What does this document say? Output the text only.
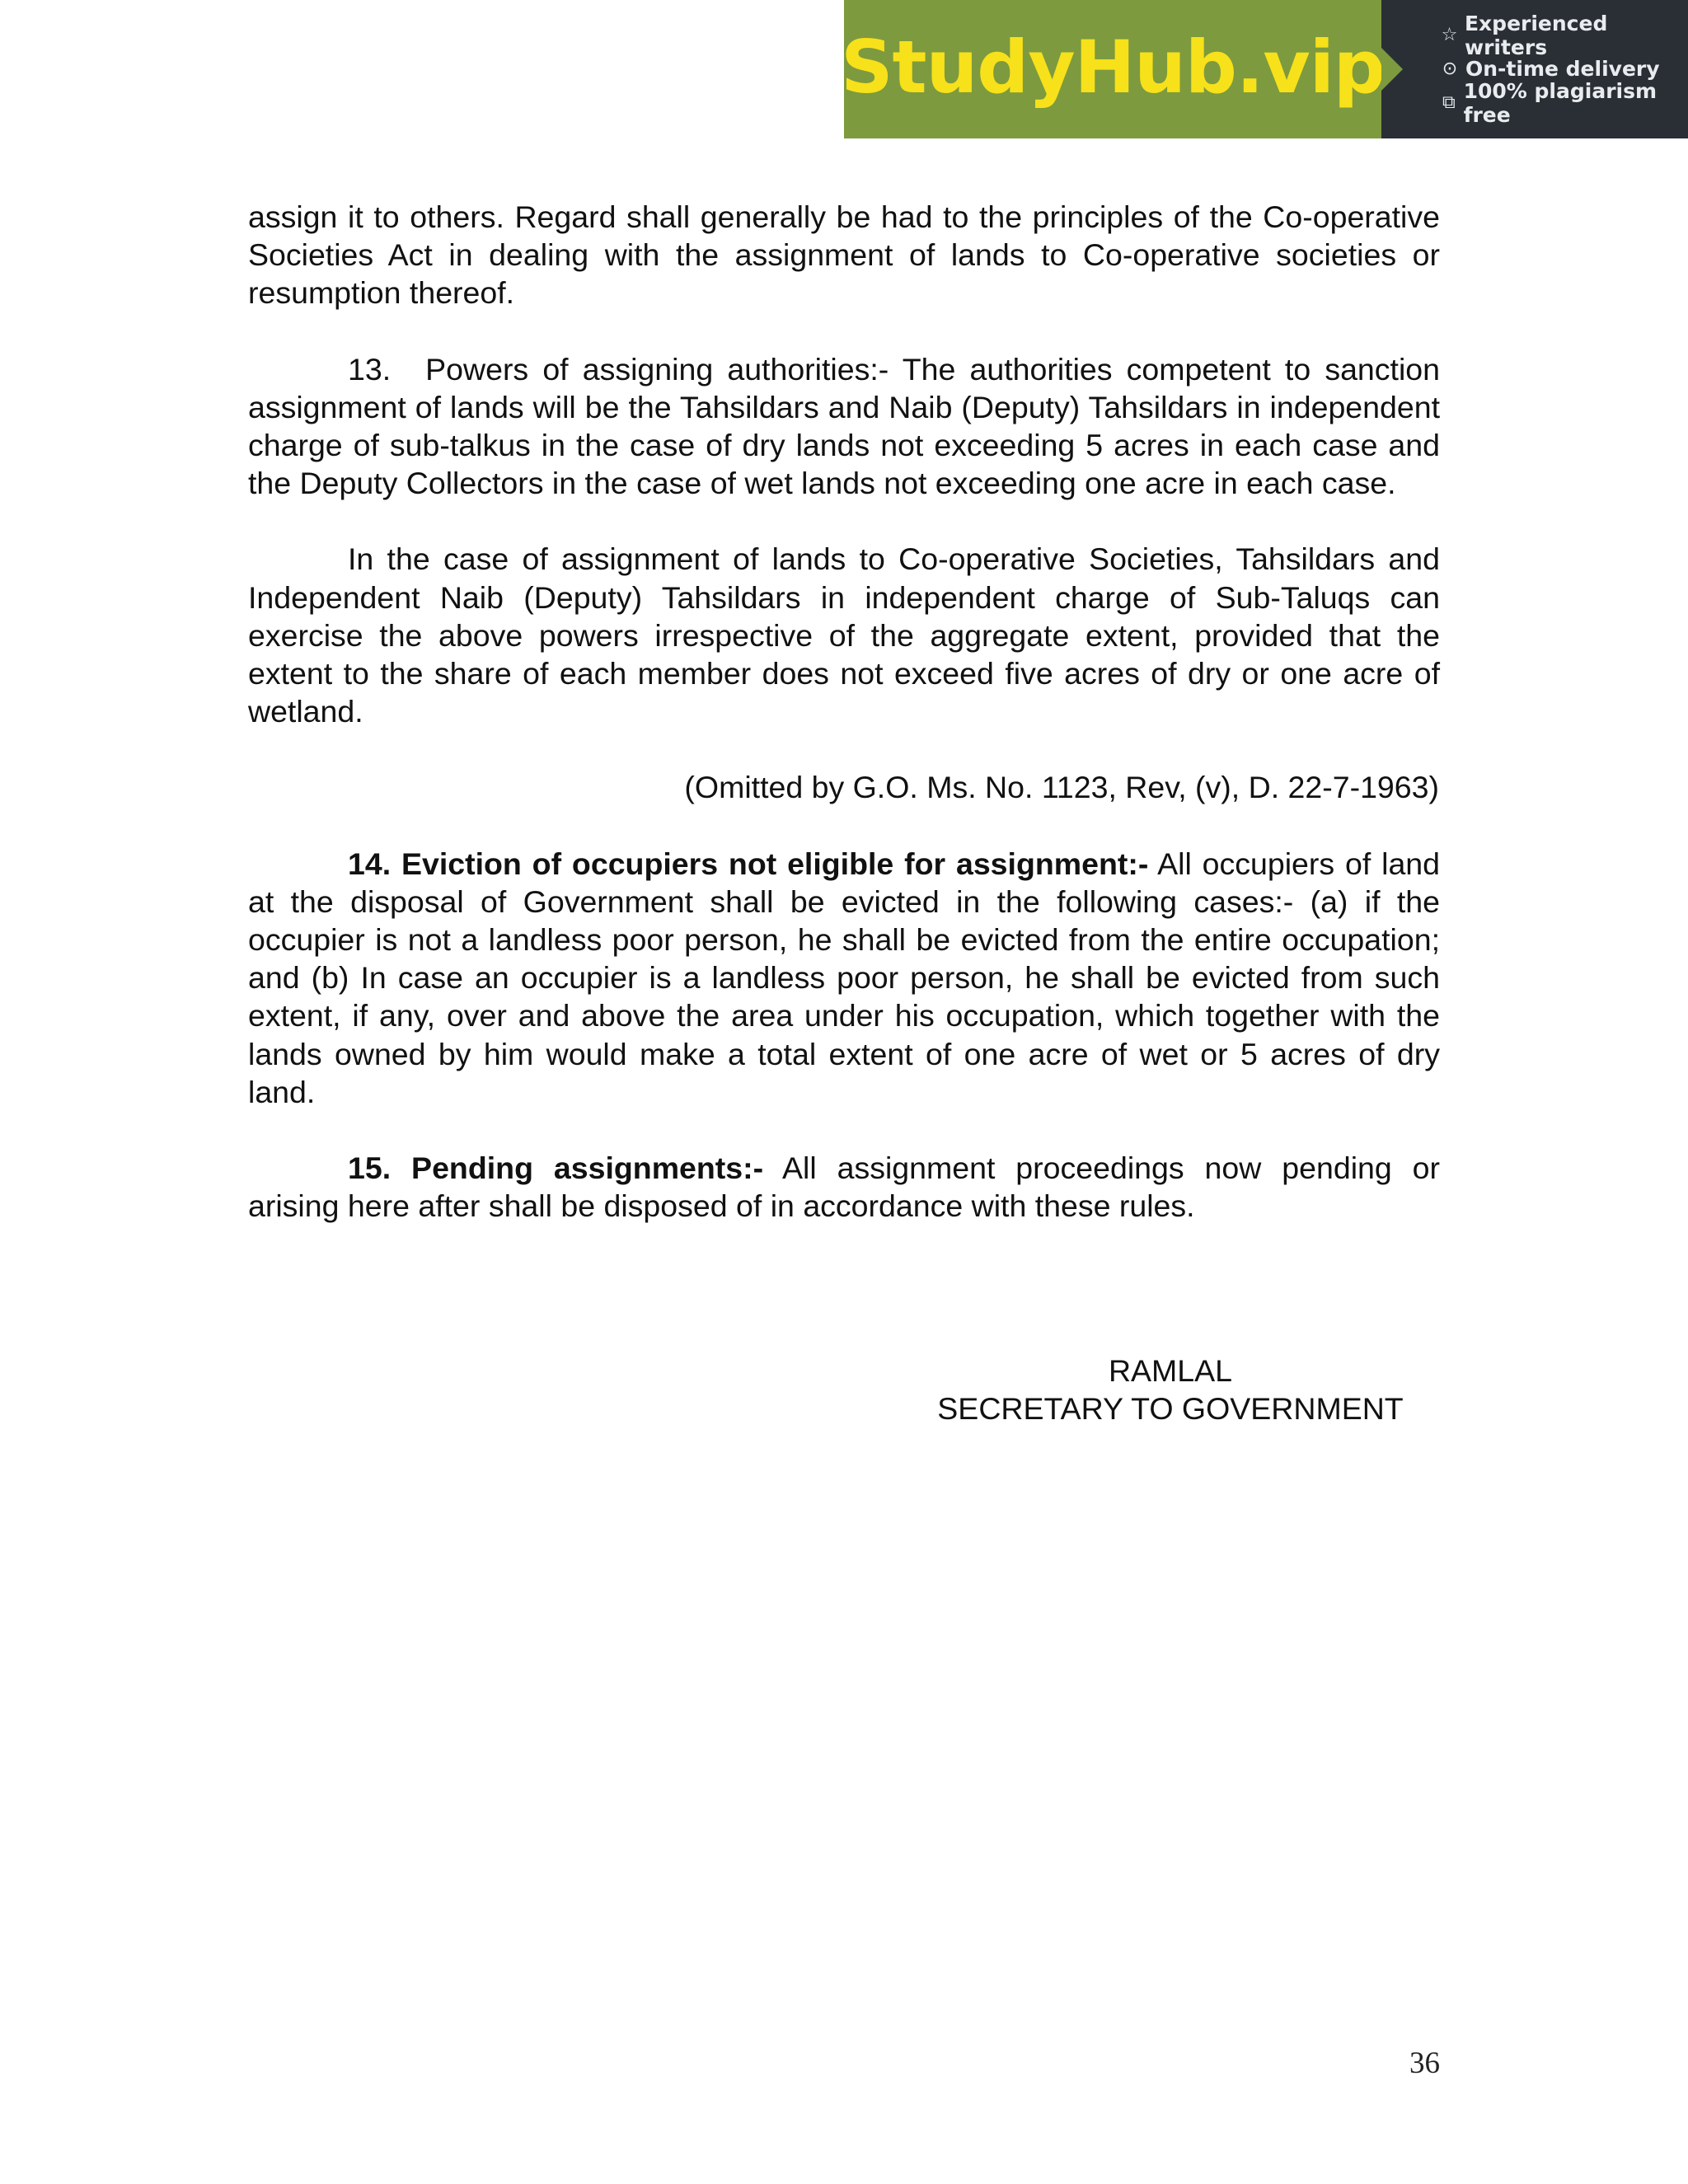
StudyHub.vip	☆ Experienced writers
⊙ On-time delivery
⧉ 100% plagiarism free

assign it to others. Regard shall generally be had to the principles of the Co-operative Societies Act in dealing with the assignment of lands to Co-operative societies or resumption thereof.

13. Powers of assigning authorities:- The authorities competent to sanction assignment of lands will be the Tahsildars and Naib (Deputy) Tahsildars in independent charge of sub-talkus in the case of dry lands not exceeding 5 acres in each case and the Deputy Collectors in the case of wet lands not exceeding one acre in each case.

In the case of assignment of lands to Co-operative Societies, Tahsildars and Independent Naib (Deputy) Tahsildars in independent charge of Sub-Taluqs can exercise the above powers irrespective of the aggregate extent, provided that the extent to the share of each member does not exceed five acres of dry or one acre of wetland.

(Omitted by G.O. Ms. No. 1123, Rev, (v), D. 22-7-1963)

14. Eviction of occupiers not eligible for assignment:- All occupiers of land at the disposal of Government shall be evicted in the following cases:- (a) if the occupier is not a landless poor person, he shall be evicted from the entire occupation; and (b) In case an occupier is a landless poor person, he shall be evicted from such extent, if any, over and above the area under his occupation, which together with the lands owned by him would make a total extent of one acre of wet or 5 acres of dry land.

15. Pending assignments:- All assignment proceedings now pending or arising here after shall be disposed of in accordance with these rules.

RAMLAL
SECRETARY TO GOVERNMENT
36
